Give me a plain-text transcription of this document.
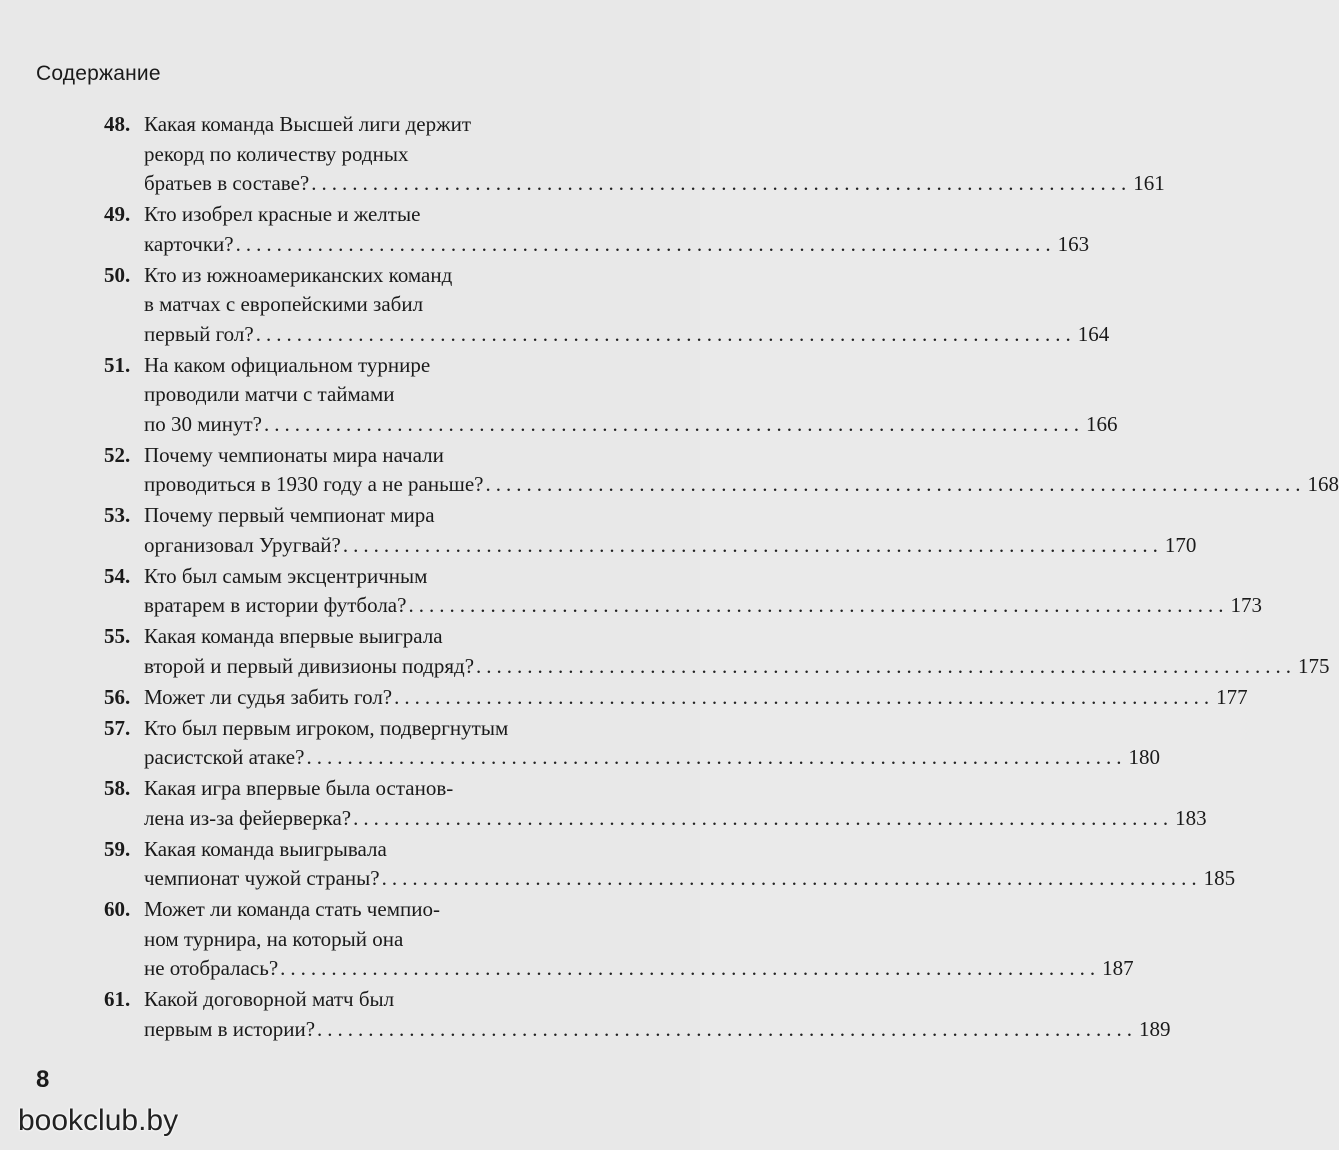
Содержание
48. Какая команда Высшей лиги держит
рекорд по количеству родных
братьев в составе? ................................................................................ 161
49. Кто изобрел красные и желтые
карточки? ................................................................................ 163
50. Кто из южноамериканских команд
в матчах с европейскими забил
первый гол? ................................................................................ 164
51. На каком официальном турнире
проводили матчи с таймами
по 30 минут? ................................................................................ 166
52. Почему чемпионаты мира начали
проводиться в 1930 году а не раньше? ................................................................................ 168
53. Почему первый чемпионат мира
организовал Уругвай? ................................................................................ 170
54. Кто был самым эксцентричным
вратарем в истории футбола? ................................................................................ 173
55. Какая команда впервые выиграла
второй и первый дивизионы подряд? ................................................................................ 175
56. Может ли судья забить гол? ................................................................................ 177
57. Кто был первым игроком, подвергнутым
расистской атаке? ................................................................................ 180
58. Какая игра впервые была останов-
лена из-за фейерверка? ................................................................................ 183
59. Какая команда выигрывала
чемпионат чужой страны? ................................................................................ 185
60. Может ли команда стать чемпио-
ном турнира, на который она
не отобралась? ................................................................................ 187
61. Какой договорной матч был
первым в истории? ................................................................................ 189
8
bookclub.by
